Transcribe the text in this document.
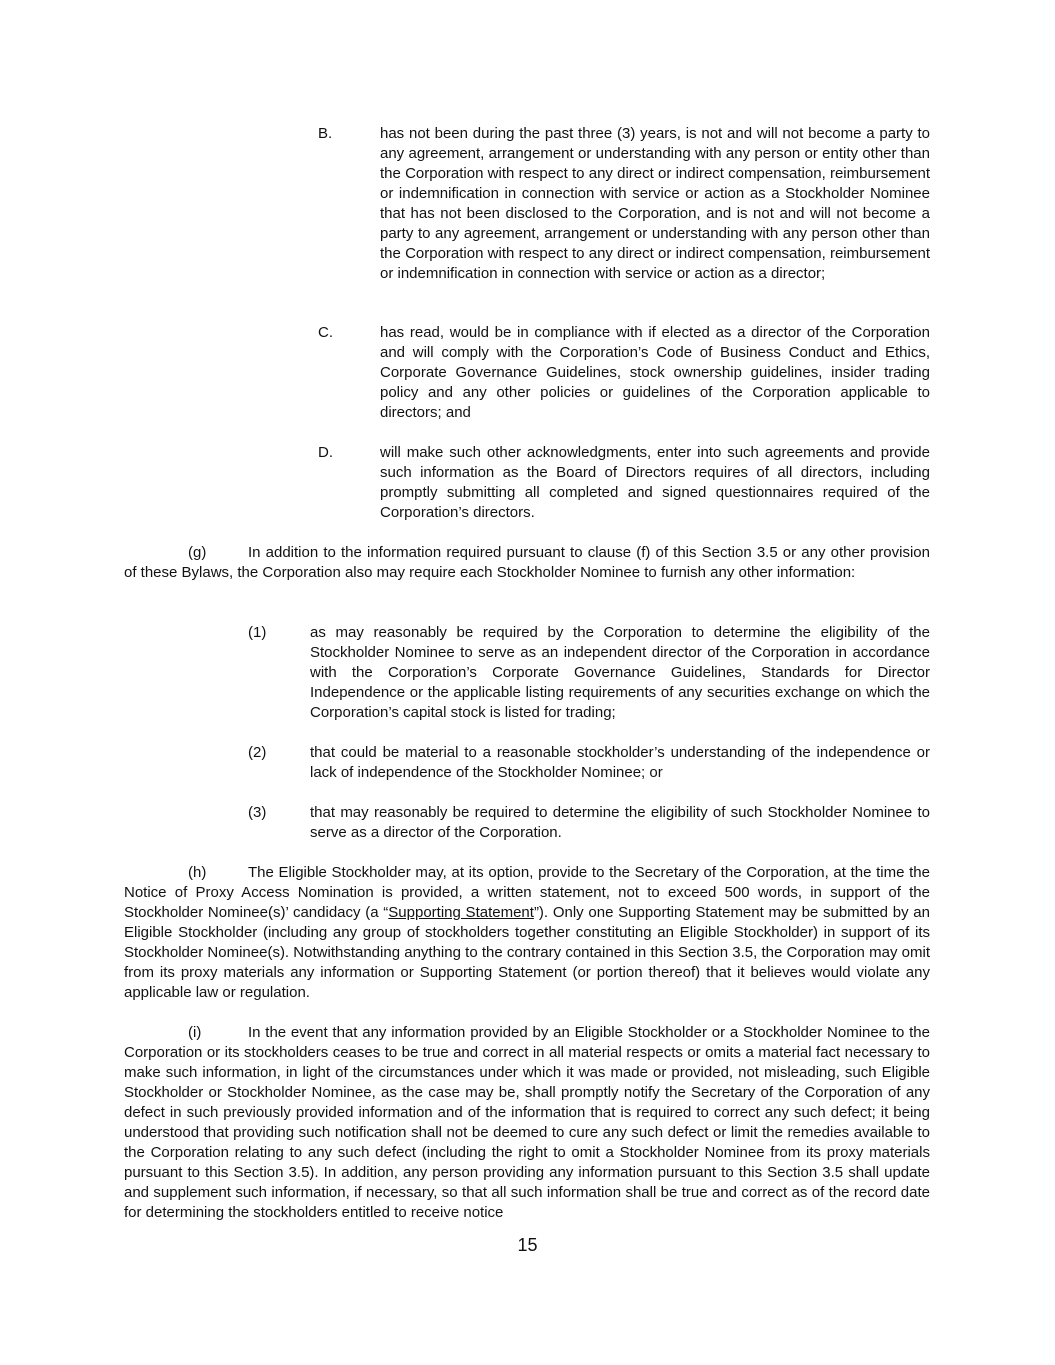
B.	has not been during the past three (3) years, is not and will not become a party to any agreement, arrangement or understanding with any person or entity other than the Corporation with respect to any direct or indirect compensation, reimbursement or indemnification in connection with service or action as a Stockholder Nominee that has not been disclosed to the Corporation, and is not and will not become a party to any agreement, arrangement or understanding with any person other than the Corporation with respect to any direct or indirect compensation, reimbursement or indemnification in connection with service or action as a director;
C.	has read, would be in compliance with if elected as a director of the Corporation and will comply with the Corporation’s Code of Business Conduct and Ethics, Corporate Governance Guidelines, stock ownership guidelines, insider trading policy and any other policies or guidelines of the Corporation applicable to directors; and
D.	will make such other acknowledgments, enter into such agreements and provide such information as the Board of Directors requires of all directors, including promptly submitting all completed and signed questionnaires required of the Corporation’s directors.
(g)	In addition to the information required pursuant to clause (f) of this Section 3.5 or any other provision of these Bylaws, the Corporation also may require each Stockholder Nominee to furnish any other information:
(1)	as may reasonably be required by the Corporation to determine the eligibility of the Stockholder Nominee to serve as an independent director of the Corporation in accordance with the Corporation’s Corporate Governance Guidelines, Standards for Director Independence or the applicable listing requirements of any securities exchange on which the Corporation’s capital stock is listed for trading;
(2)	that could be material to a reasonable stockholder’s understanding of the independence or lack of independence of the Stockholder Nominee; or
(3)	that may reasonably be required to determine the eligibility of such Stockholder Nominee to serve as a director of the Corporation.
(h)	The Eligible Stockholder may, at its option, provide to the Secretary of the Corporation, at the time the Notice of Proxy Access Nomination is provided, a written statement, not to exceed 500 words, in support of the Stockholder Nominee(s)’ candidacy (a “Supporting Statement”). Only one Supporting Statement may be submitted by an Eligible Stockholder (including any group of stockholders together constituting an Eligible Stockholder) in support of its Stockholder Nominee(s). Notwithstanding anything to the contrary contained in this Section 3.5, the Corporation may omit from its proxy materials any information or Supporting Statement (or portion thereof) that it believes would violate any applicable law or regulation.
(i)	In the event that any information provided by an Eligible Stockholder or a Stockholder Nominee to the Corporation or its stockholders ceases to be true and correct in all material respects or omits a material fact necessary to make such information, in light of the circumstances under which it was made or provided, not misleading, such Eligible Stockholder or Stockholder Nominee, as the case may be, shall promptly notify the Secretary of the Corporation of any defect in such previously provided information and of the information that is required to correct any such defect; it being understood that providing such notification shall not be deemed to cure any such defect or limit the remedies available to the Corporation relating to any such defect (including the right to omit a Stockholder Nominee from its proxy materials pursuant to this Section 3.5). In addition, any person providing any information pursuant to this Section 3.5 shall update and supplement such information, if necessary, so that all such information shall be true and correct as of the record date for determining the stockholders entitled to receive notice
15
